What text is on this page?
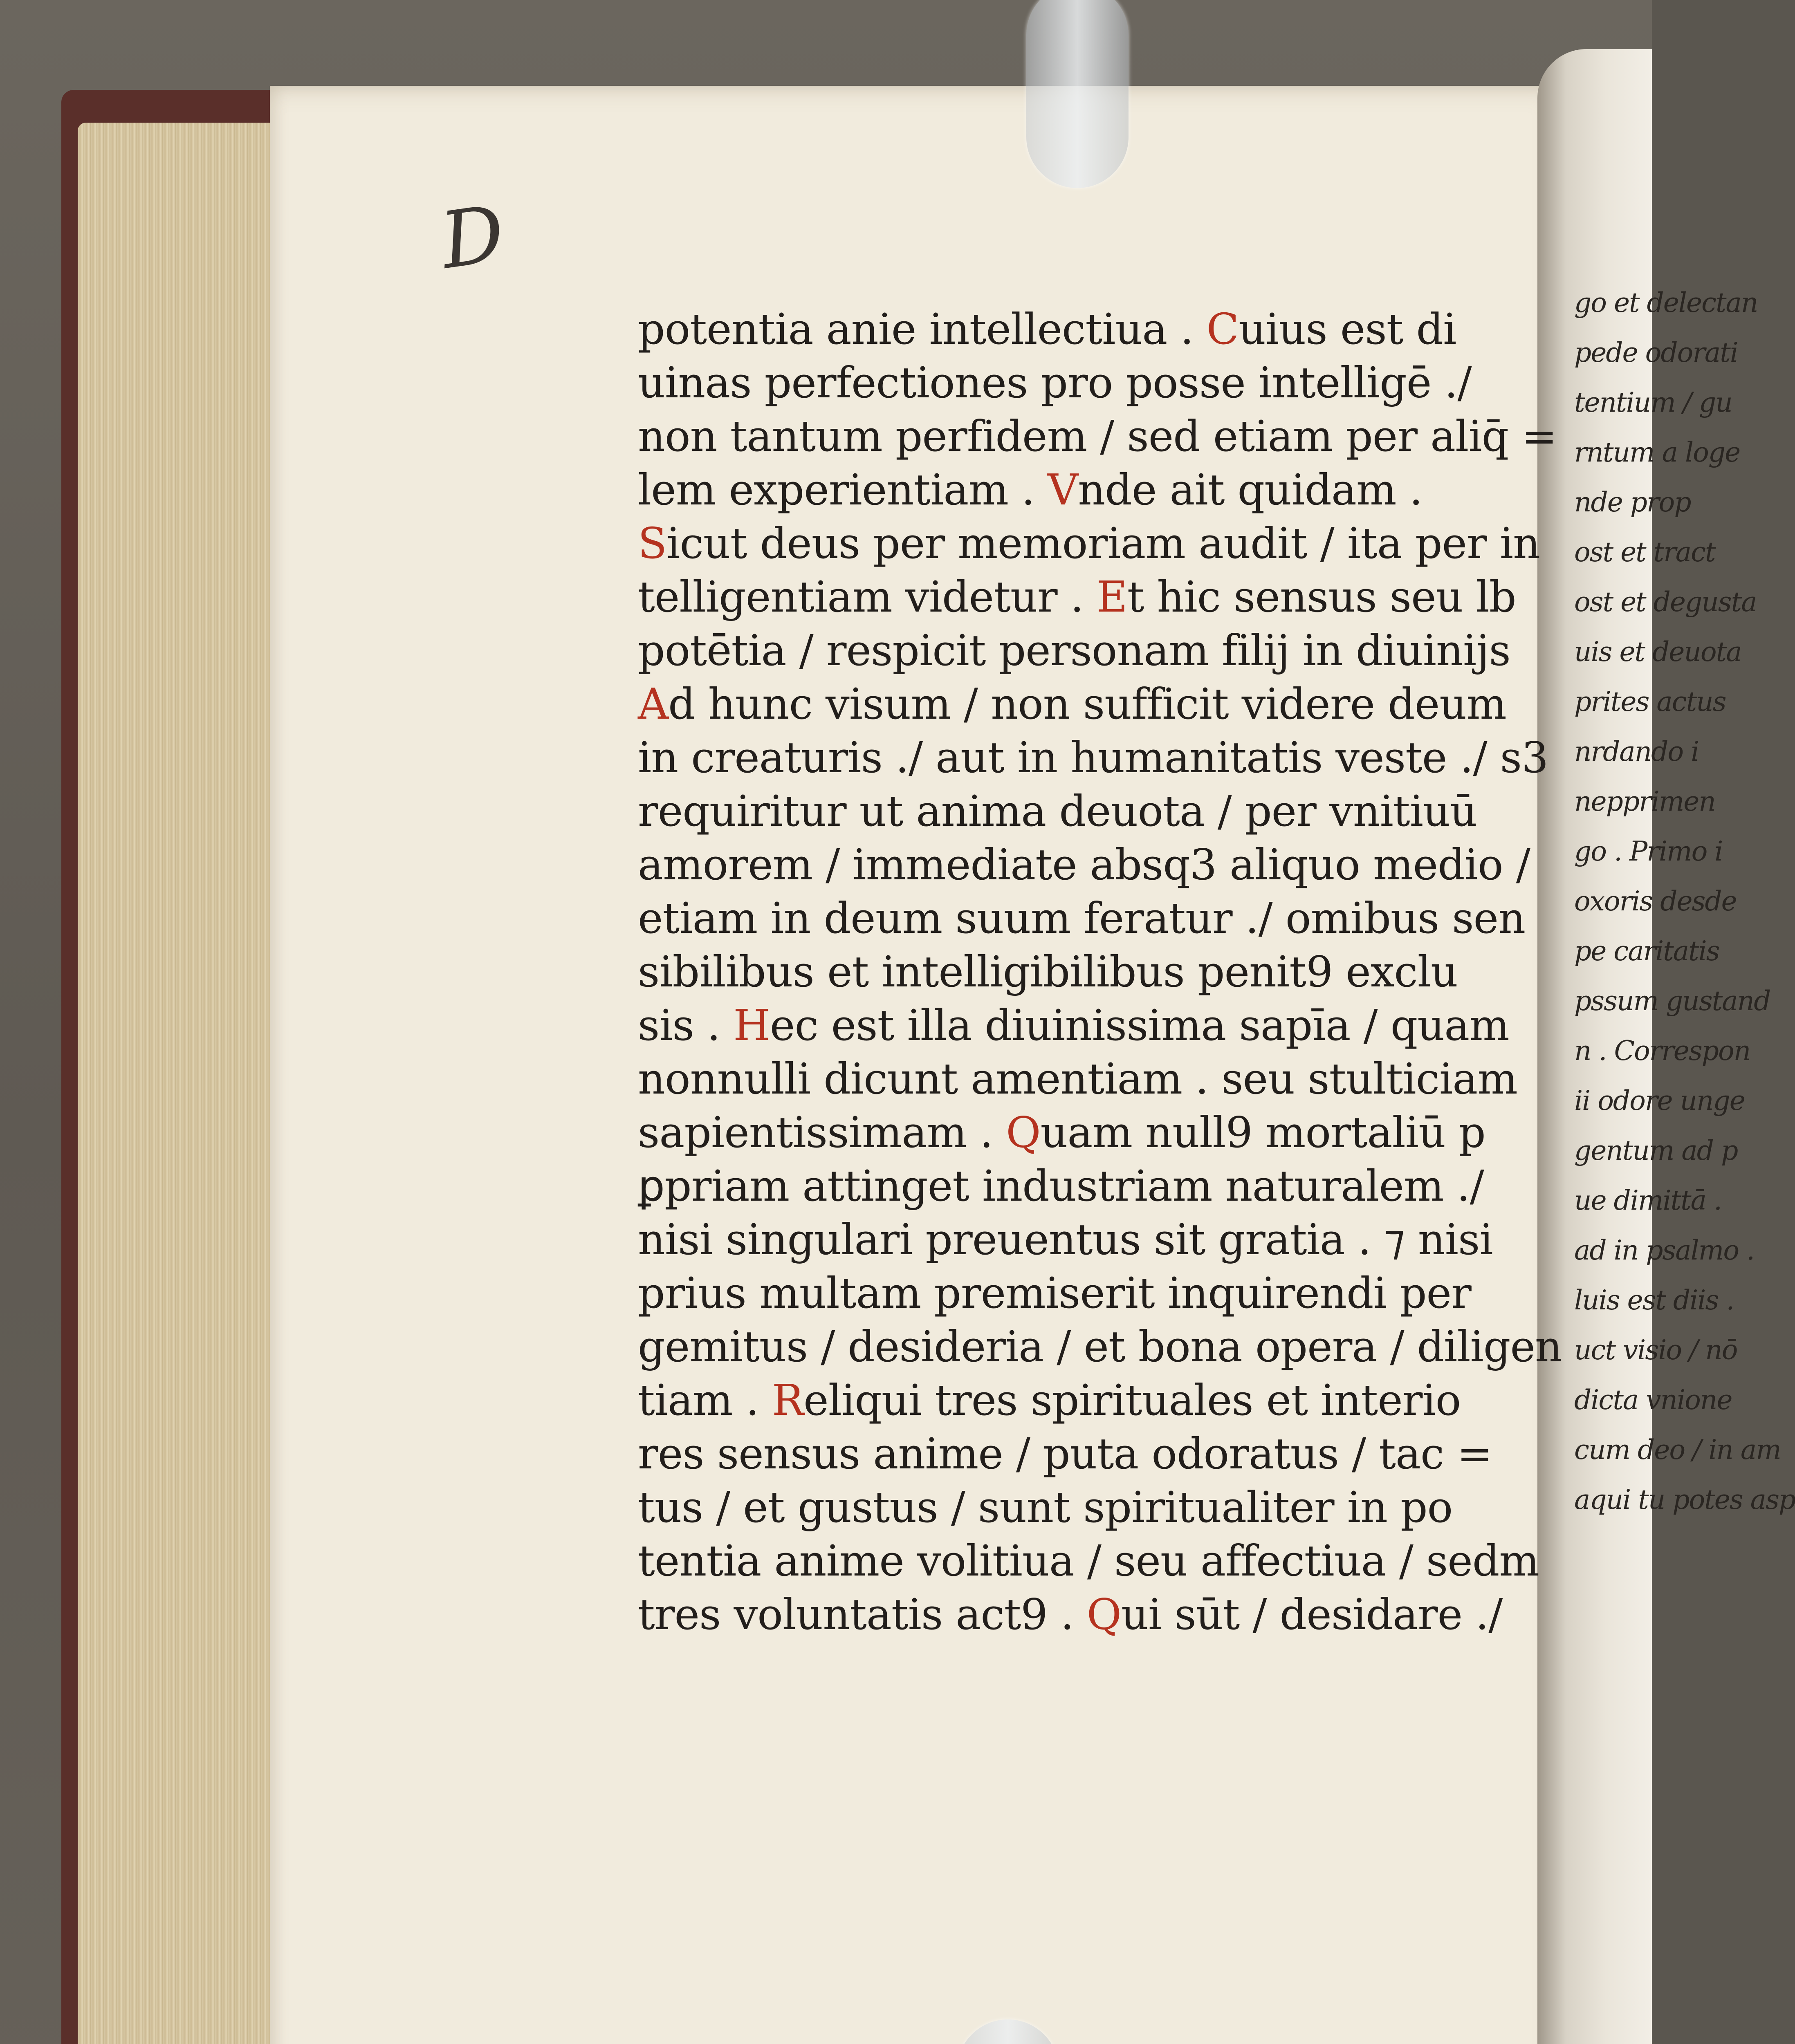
go et delectan
pede odorati
tentium / gu
rntum a loge
nde prop
ost et tract
ost et degusta
uis et deuota
prites actus
nrdando i
nepprimen
go . Primo i
oxoris desde
pe caritatis
pssum gustand
n . Correspon
ii odore unge
gentum ad p
ue dimittā .
ad in psalmo .
luis est diis .
uct visio / nō
dicta vnione
cum deo / in am
aqui tu potes asp
D
potentia anie intellectiua . Cuius est di
uinas perfectiones pro posse intelligē ./
non tantum perfidem / sed etiam per aliq̄ =
lem experientiam . Vnde ait quidam .
Sicut deus per memoriam audit / ita per in
telligentiam videtur . Et hic sensus seu lb
potētia / respicit personam filij in diuinijs
Ad hunc visum / non sufficit videre deum
in creaturis ./ aut in humanitatis veste ./ s3
requiritur ut anima deuota / per vnitiuū
amorem / immediate absq3 aliquo medio /
etiam in deum suum feratur ./ omibus sen
sibilibus et intelligibilibus penit9 exclu
sis . Hec est illa diuinissima sapīa / quam
nonnulli dicunt amentiam . seu stulticiam
sapientissimam . Quam null9 mortaliū p
ꝑpriam attinget industriam naturalem ./
nisi singulari preuentus sit gratia . ⁊ nisi
prius multam premiserit inquirendi per
gemitus / desideria / et bona opera / diligen
tiam . Reliqui tres spirituales et interio
res sensus anime / puta odoratus / tac =
tus / et gustus / sunt spiritualiter in po
tentia anime volitiua / seu affectiua / sedm
tres voluntatis act9 . Qui sūt / desidare ./
